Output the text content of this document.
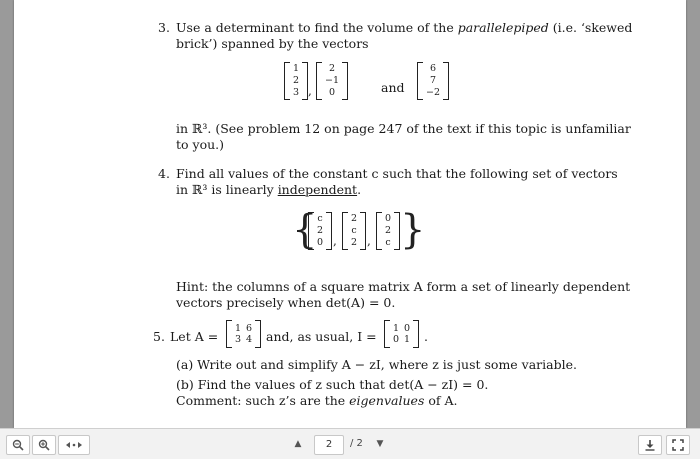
3. Use a determinant to find the volume of the parallelepiped (i.e. ‘skewed
brick’) spanned by the vectors
1
2
3 ,
2
−1
0	and
6
7
−2
in ℝ³. (See problem 12 on page 247 of the text if this topic is unfamiliar
to you.)
4. Find all values of the constant c such that the following set of vectors
in ℝ³ is linearly independent.
{ c
2
0 ,
2
c
2 ,
0
2
c }
Hint: the columns of a square matrix A form a set of linearly dependent
vectors precisely when det(A) = 0.
5. Let A =
1 6
3 4 and, as usual, I =
1 0
0 1 .
(a) Write out and simplify A − zI, where z is just some variable.
(b) Find the values of z such that det(A − zI) = 0.
Comment: such z’s are the eigenvalues of A.
▲	2	/ 2	▼
